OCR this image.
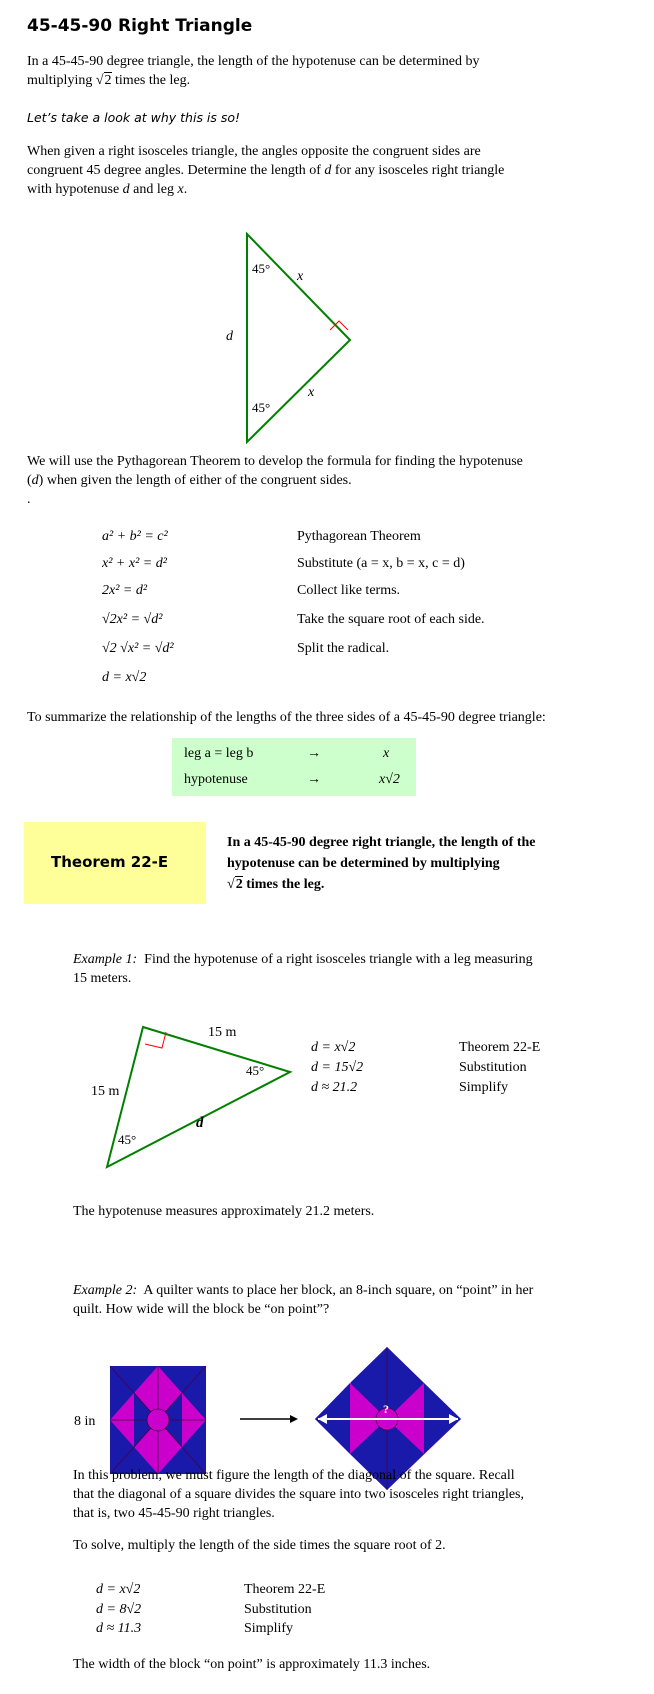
45-45-90 Right Triangle
In a 45-45-90 degree triangle, the length of the hypotenuse can be determined by
multiplying √2 times the leg.
Let’s take a look at why this is so!
When given a right isosceles triangle, the angles opposite the congruent sides are
congruent 45 degree angles. Determine the length of d for any isosceles right triangle
with hypotenuse d and leg x.
45°
45°
x
x
d
15 m
15 m
45°
45°
d
8 in
?
We will use the Pythagorean Theorem to develop the formula for finding the hypotenuse
(d) when given the length of either of the congruent sides.
.
a² + b² = c²	Pythagorean Theorem
x² + x² = d²	Substitute (a = x, b = x, c = d)
2x² = d²	Collect like terms.
√2x² = √d²	Take the square root of each side.
√2 √x² = √d²	Split the radical.
d = x√2
To summarize the relationship of the lengths of the three sides of a 45-45-90 degree triangle:
leg a = leg b	→	x
hypotenuse	→	x√2
Theorem 22-E
In a 45-45-90 degree right triangle, the length of the
hypotenuse can be determined by multiplying
√2 times the leg.
Example 1: Find the hypotenuse of a right isosceles triangle with a leg measuring
15 meters.
d = x√2	Theorem 22-E
d = 15√2	Substitution
d ≈ 21.2	Simplify
The hypotenuse measures approximately 21.2 meters.
Example 2: A quilter wants to place her block, an 8-inch square, on “point” in her
quilt. How wide will the block be “on point”?
In this problem, we must figure the length of the diagonal of the square. Recall
that the diagonal of a square divides the square into two isosceles right triangles,
that is, two 45-45-90 right triangles.
To solve, multiply the length of the side times the square root of 2.
d = x√2	Theorem 22-E
d = 8√2	Substitution
d ≈ 11.3	Simplify
The width of the block “on point” is approximately 11.3 inches.
